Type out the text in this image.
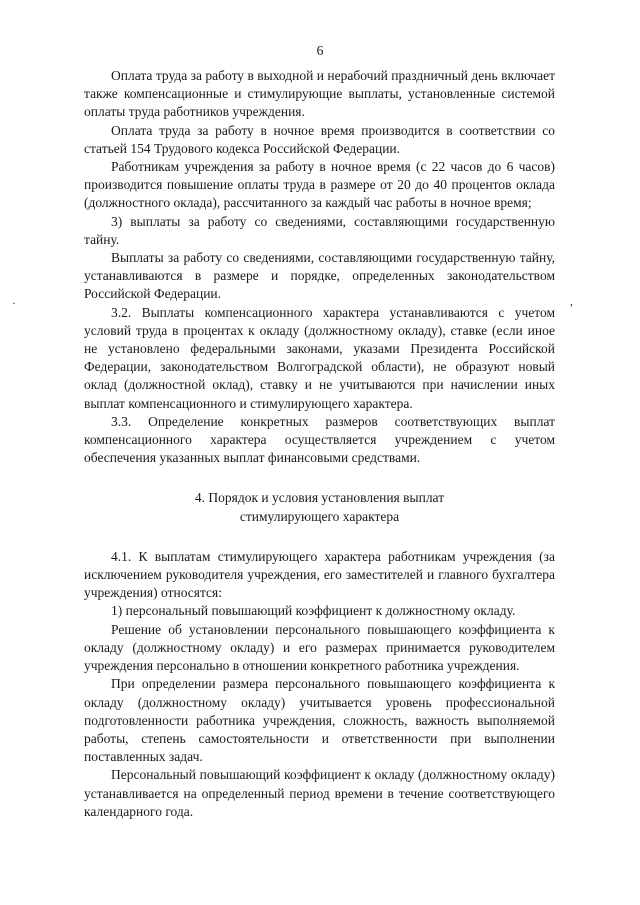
6
·	,

Оплата труда за работу в выходной и нерабочий праздничный день включает также компенсационные и стимулирующие выплаты, установленные системой оплаты труда работников учреждения.

Оплата труда за работу в ночное время производится в соответствии со статьей 154 Трудового кодекса Российской Федерации.

Работникам учреждения за работу в ночное время (с 22 часов до 6 часов) производится повышение оплаты труда в размере от 20 до 40 процентов оклада (должностного оклада), рассчитанного за каждый час работы в ночное время;

3) выплаты за работу со сведениями, составляющими государственную тайну.

Выплаты за работу со сведениями, составляющими государственную тайну, устанавливаются в размере и порядке, определенных законодательством Российской Федерации.

3.2. Выплаты компенсационного характера устанавливаются с учетом условий труда в процентах к окладу (должностному окладу), ставке (если иное не установлено федеральными законами, указами Президента Российской Федерации, законодательством Волгоградской области), не образуют новый оклад (должностной оклад), ставку и не учитываются при начислении иных выплат компенсационного и стимулирующего характера.

3.3. Определение конкретных размеров соответствующих выплат компенсационного характера осуществляется учреждением с учетом обеспечения указанных выплат финансовыми средствами.

4. Порядок и условия установления выплат
стимулирующего характера

4.1. К выплатам стимулирующего характера работникам учреждения (за исключением руководителя учреждения, его заместителей и главного бухгалтера учреждения) относятся:

1) персональный повышающий коэффициент к должностному окладу.

Решение об установлении персонального повышающего коэффициента к окладу (должностному окладу) и его размерах принимается руководителем учреждения персонально в отношении конкретного работника учреждения.

При определении размера персонального повышающего коэффициента к окладу (должностному окладу) учитывается уровень профессиональной подготовленности работника учреждения, сложность, важность выполняемой работы, степень самостоятельности и ответственности при выполнении поставленных задач.

Персональный повышающий коэффициент к окладу (должностному окладу) устанавливается на определенный период времени в течение соответствующего календарного года.
